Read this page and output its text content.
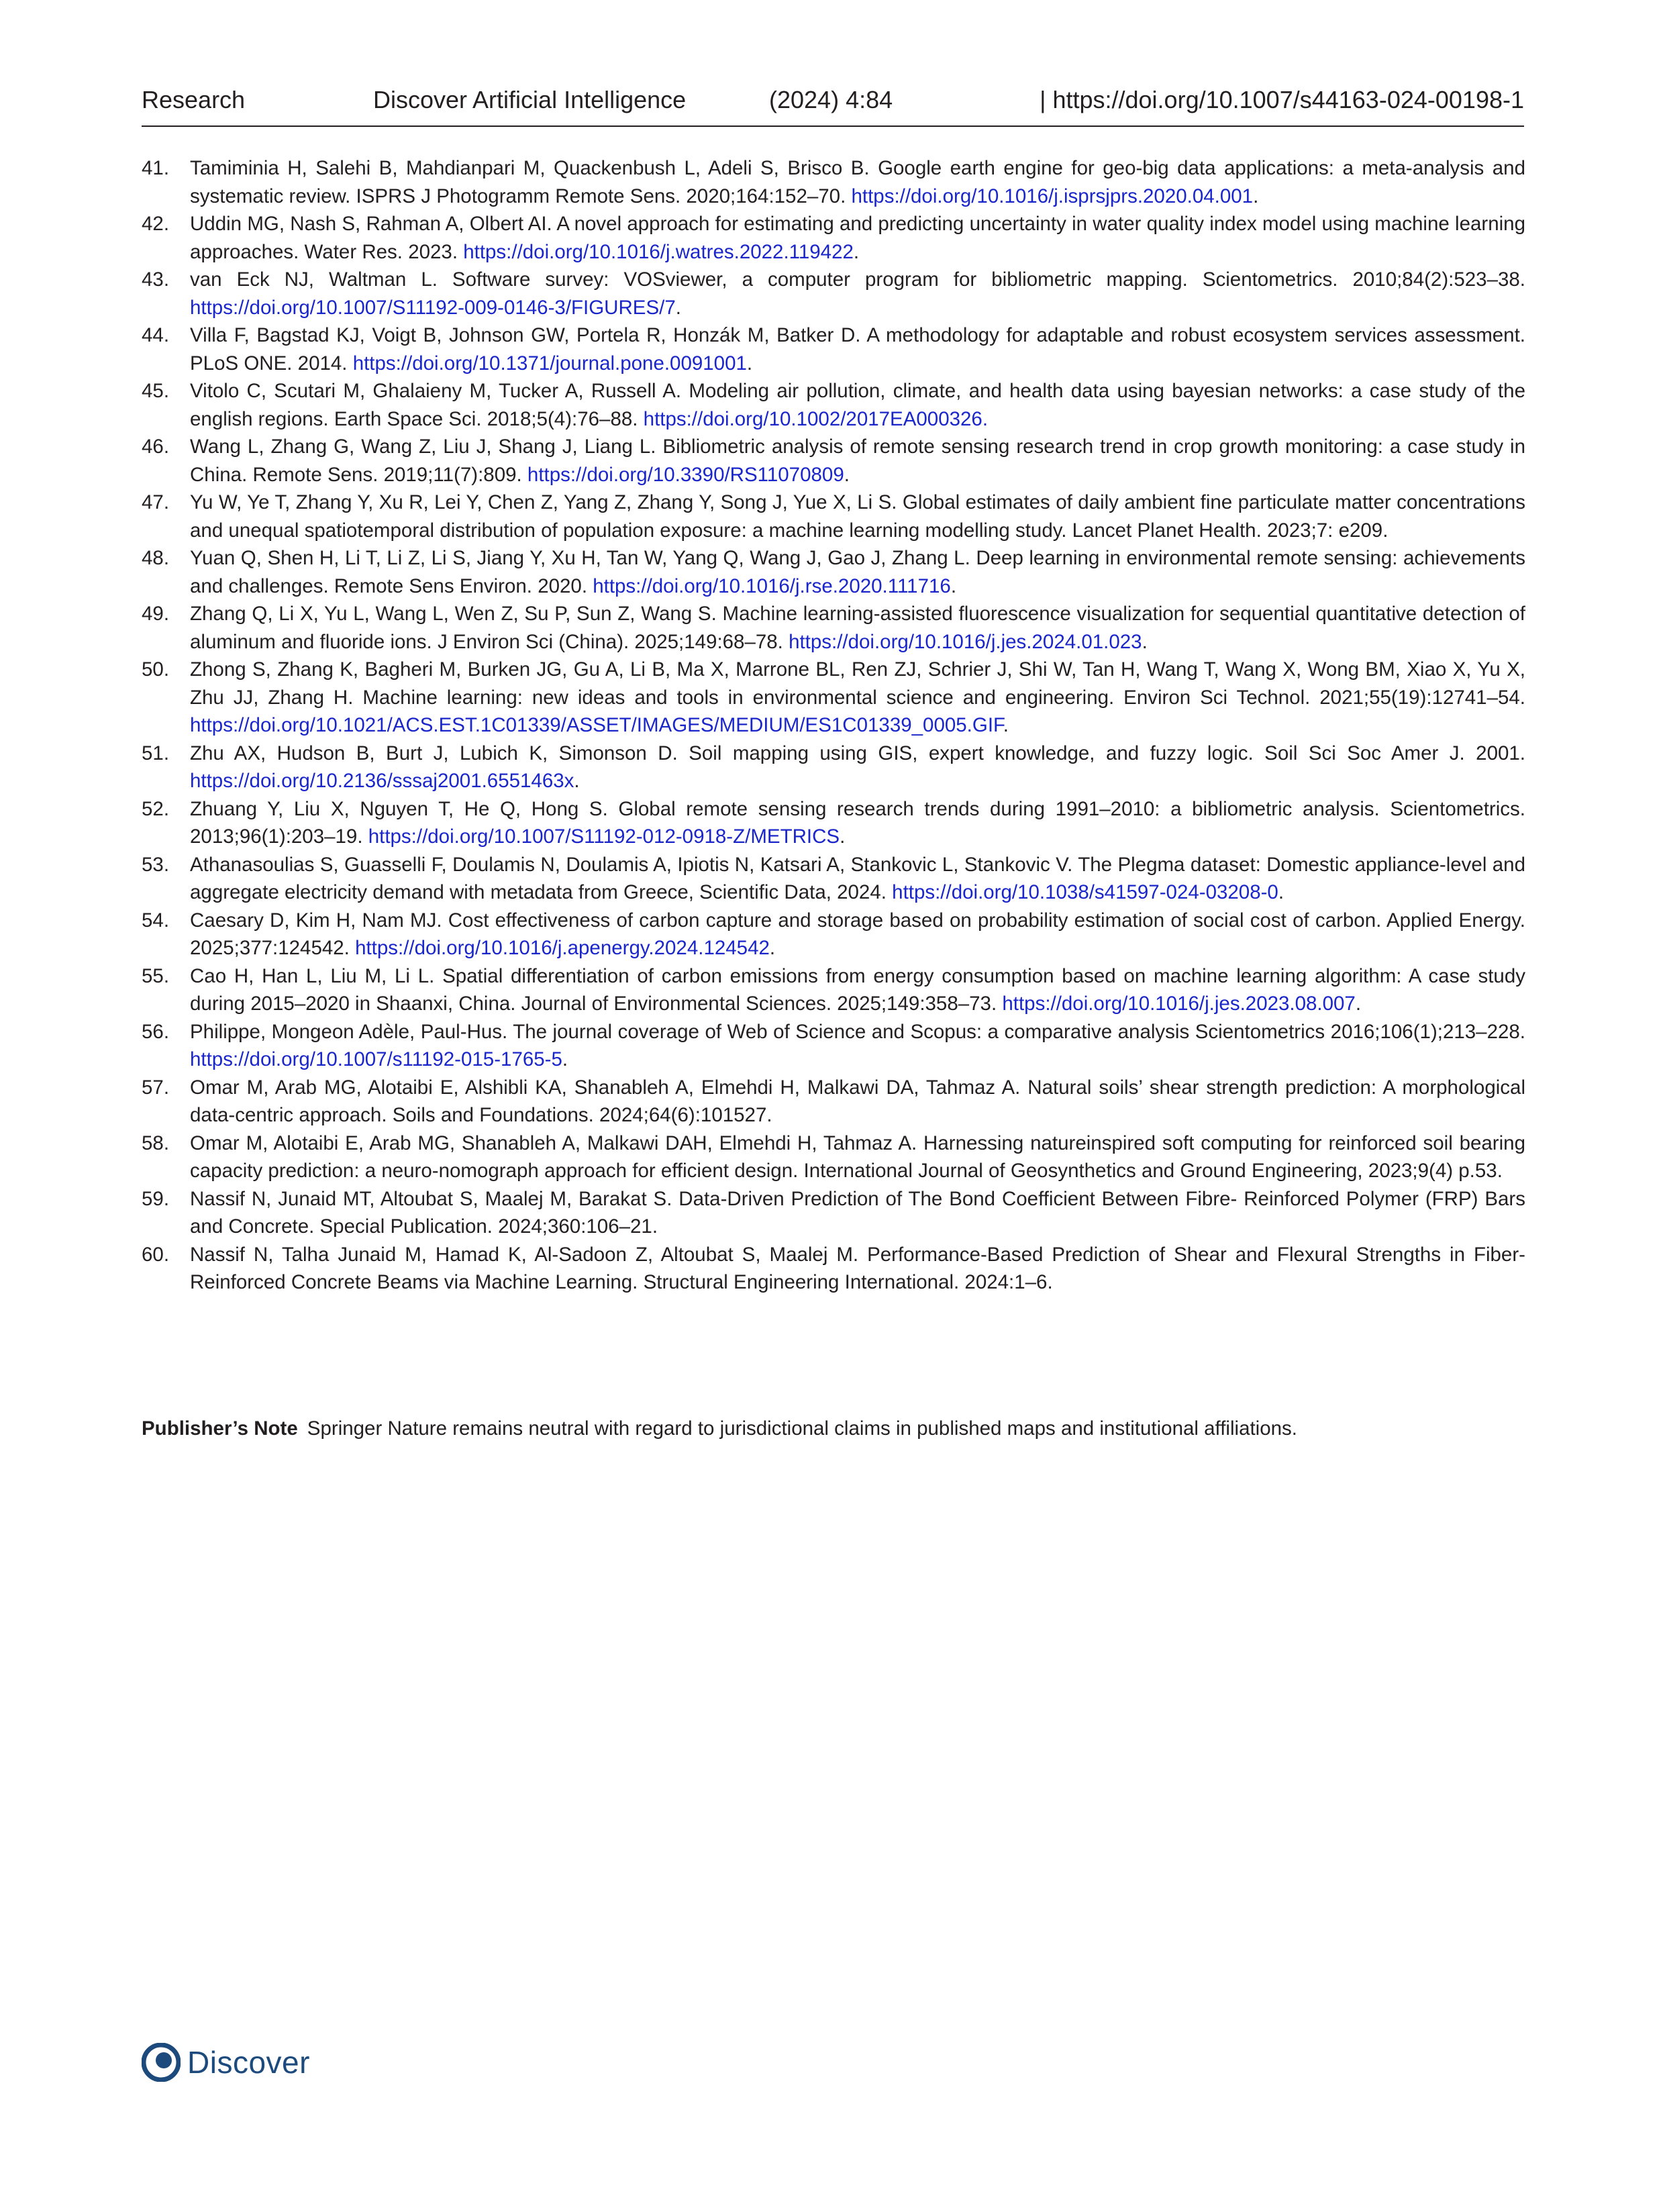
Research	Discover Artificial Intelligence	(2024) 4:84	| https://doi.org/10.1007/s44163-024-00198-1
41.	Tamiminia H, Salehi B, Mahdianpari M, Quackenbush L, Adeli S, Brisco B. Google earth engine for geo-big data applications: a meta-analysis and systematic review. ISPRS J Photogramm Remote Sens. 2020;164:152–70. https://doi.org/10.1016/j.isprsjprs.2020.04.001.
42.	Uddin MG, Nash S, Rahman A, Olbert AI. A novel approach for estimating and predicting uncertainty in water quality index model using machine learning approaches. Water Res. 2023. https://doi.org/10.1016/j.watres.2022.119422.
43.	van Eck NJ, Waltman L. Software survey: VOSviewer, a computer program for bibliometric mapping. Scientometrics. 2010;84(2):523–38. https://doi.org/10.1007/S11192-009-0146-3/FIGURES/7.
44.	Villa F, Bagstad KJ, Voigt B, Johnson GW, Portela R, Honzák M, Batker D. A methodology for adaptable and robust ecosystem services assessment. PLoS ONE. 2014. https://doi.org/10.1371/journal.pone.0091001.
45.	Vitolo C, Scutari M, Ghalaieny M, Tucker A, Russell A. Modeling air pollution, climate, and health data using bayesian networks: a case study of the english regions. Earth Space Sci. 2018;5(4):76–88. https://doi.org/10.1002/2017EA000326.
46.	Wang L, Zhang G, Wang Z, Liu J, Shang J, Liang L. Bibliometric analysis of remote sensing research trend in crop growth monitoring: a case study in China. Remote Sens. 2019;11(7):809. https://doi.org/10.3390/RS11070809.
47.	Yu W, Ye T, Zhang Y, Xu R, Lei Y, Chen Z, Yang Z, Zhang Y, Song J, Yue X, Li S. Global estimates of daily ambient fine particulate matter concentrations and unequal spatiotemporal distribution of population exposure: a machine learning modelling study. Lancet Planet Health. 2023;7: e209.
48.	Yuan Q, Shen H, Li T, Li Z, Li S, Jiang Y, Xu H, Tan W, Yang Q, Wang J, Gao J, Zhang L. Deep learning in environmental remote sensing: achievements and challenges. Remote Sens Environ. 2020. https://doi.org/10.1016/j.rse.2020.111716.
49.	Zhang Q, Li X, Yu L, Wang L, Wen Z, Su P, Sun Z, Wang S. Machine learning-assisted fluorescence visualization for sequential quantitative detection of aluminum and fluoride ions. J Environ Sci (China). 2025;149:68–78. https://doi.org/10.1016/j.jes.2024.01.023.
50.	Zhong S, Zhang K, Bagheri M, Burken JG, Gu A, Li B, Ma X, Marrone BL, Ren ZJ, Schrier J, Shi W, Tan H, Wang T, Wang X, Wong BM, Xiao X, Yu X, Zhu JJ, Zhang H. Machine learning: new ideas and tools in environmental science and engineering. Environ Sci Technol. 2021;55(19):12741–54. https://doi.org/10.1021/ACS.EST.1C01339/ASSET/IMAGES/MEDIUM/ES1C01339_0005.GIF.
51.	Zhu AX, Hudson B, Burt J, Lubich K, Simonson D. Soil mapping using GIS, expert knowledge, and fuzzy logic. Soil Sci Soc Amer J. 2001. https://doi.org/10.2136/sssaj2001.6551463x.
52.	Zhuang Y, Liu X, Nguyen T, He Q, Hong S. Global remote sensing research trends during 1991–2010: a bibliometric analysis. Scientometrics. 2013;96(1):203–19. https://doi.org/10.1007/S11192-012-0918-Z/METRICS.
53.	Athanasoulias S, Guasselli F, Doulamis N, Doulamis A, Ipiotis N, Katsari A, Stankovic L, Stankovic V. The Plegma dataset: Domestic appliance-level and aggregate electricity demand with metadata from Greece, Scientific Data, 2024. https://doi.org/10.1038/s41597-024-03208-0.
54.	Caesary D, Kim H, Nam MJ. Cost effectiveness of carbon capture and storage based on probability estimation of social cost of carbon. Applied Energy. 2025;377:124542. https://doi.org/10.1016/j.apenergy.2024.124542.
55.	Cao H, Han L, Liu M, Li L. Spatial differentiation of carbon emissions from energy consumption based on machine learning algorithm: A case study during 2015–2020 in Shaanxi, China. Journal of Environmental Sciences. 2025;149:358–73. https://doi.org/10.1016/j.jes.2023.08.007.
56.	Philippe, Mongeon Adèle, Paul-Hus. The journal coverage of Web of Science and Scopus: a comparative analysis Scientometrics 2016;106(1);213–228. https://doi.org/10.1007/s11192-015-1765-5.
57.	Omar M, Arab MG, Alotaibi E, Alshibli KA, Shanableh A, Elmehdi H, Malkawi DA, Tahmaz A. Natural soils’ shear strength prediction: A morphological data-centric approach. Soils and Foundations. 2024;64(6):101527.
58.	Omar M, Alotaibi E, Arab MG, Shanableh A, Malkawi DAH, Elmehdi H, Tahmaz A. Harnessing natureinspired soft computing for reinforced soil bearing capacity prediction: a neuro-nomograph approach for efficient design. International Journal of Geosynthetics and Ground Engineering, 2023;9(4) p.53.
59.	Nassif N, Junaid MT, Altoubat S, Maalej M, Barakat S. Data-Driven Prediction of The Bond Coefficient Between Fibre- Reinforced Polymer (FRP) Bars and Concrete. Special Publication. 2024;360:106–21.
60.	Nassif N, Talha Junaid M, Hamad K, Al-Sadoon Z, Altoubat S, Maalej M. Performance-Based Prediction of Shear and Flexural Strengths in Fiber-Reinforced Concrete Beams via Machine Learning. Structural Engineering International. 2024:1–6.
Publisher’s Note Springer Nature remains neutral with regard to jurisdictional claims in published maps and institutional affiliations.
Discover
